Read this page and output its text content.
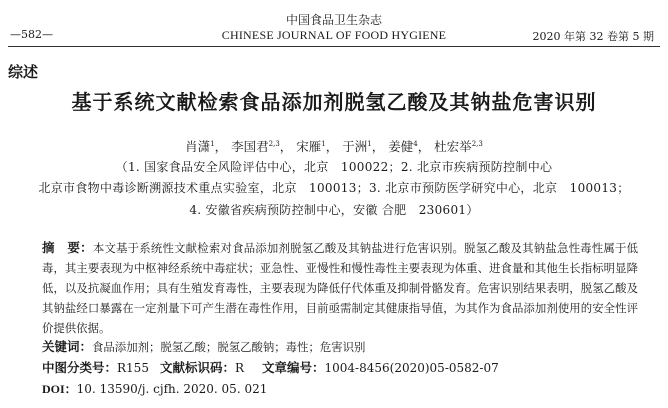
中国食品卫生杂志
—582—	CHINESE JOURNAL OF FOOD HYGIENE	2020 年第 32 卷第 5 期
综述
基于系统文献检索食品添加剂脱氢乙酸及其钠盐危害识别
肖潇$^1$， 李国君$^{2,3}$， 宋雁$^1$， 于洲$^1$， 姜健$^4$， 杜宏举$^{2,3}$
（1. 国家食品安全风险评估中心，北京　100022；2. 北京市疾病预防控制中心
北京市食物中毒诊断溯源技术重点实验室，北京　100013；3. 北京市预防医学研究中心，北京　100013；
4. 安徽省疾病预防控制中心，安徽 合肥　230601）
摘　要：本文基于系统性文献检索对食品添加剂脱氢乙酸及其钠盐进行危害识别。脱氢乙酸及其钠盐急性毒性属于低毒，其主要表现为中枢神经系统中毒症状；亚急性、亚慢性和慢性毒性主要表现为体重、进食量和其他生长指标明显降低，以及抗凝血作用；具有生殖发育毒性，主要表现为降低仔代体重及抑制骨骼发育。危害识别结果表明，脱氢乙酸及其钠盐经口暴露在一定剂量下可产生潜在毒性作用，目前亟需制定其健康指导值，为其作为食品添加剂使用的安全性评价提供依据。
关键词：食品添加剂；脱氢乙酸；脱氢乙酸钠；毒性；危害识别
中图分类号：R155 文献标识码：R 文章编号：1004-8456(2020)05-0582-07
DOI：10. 13590/j. cjfh. 2020. 05. 021
